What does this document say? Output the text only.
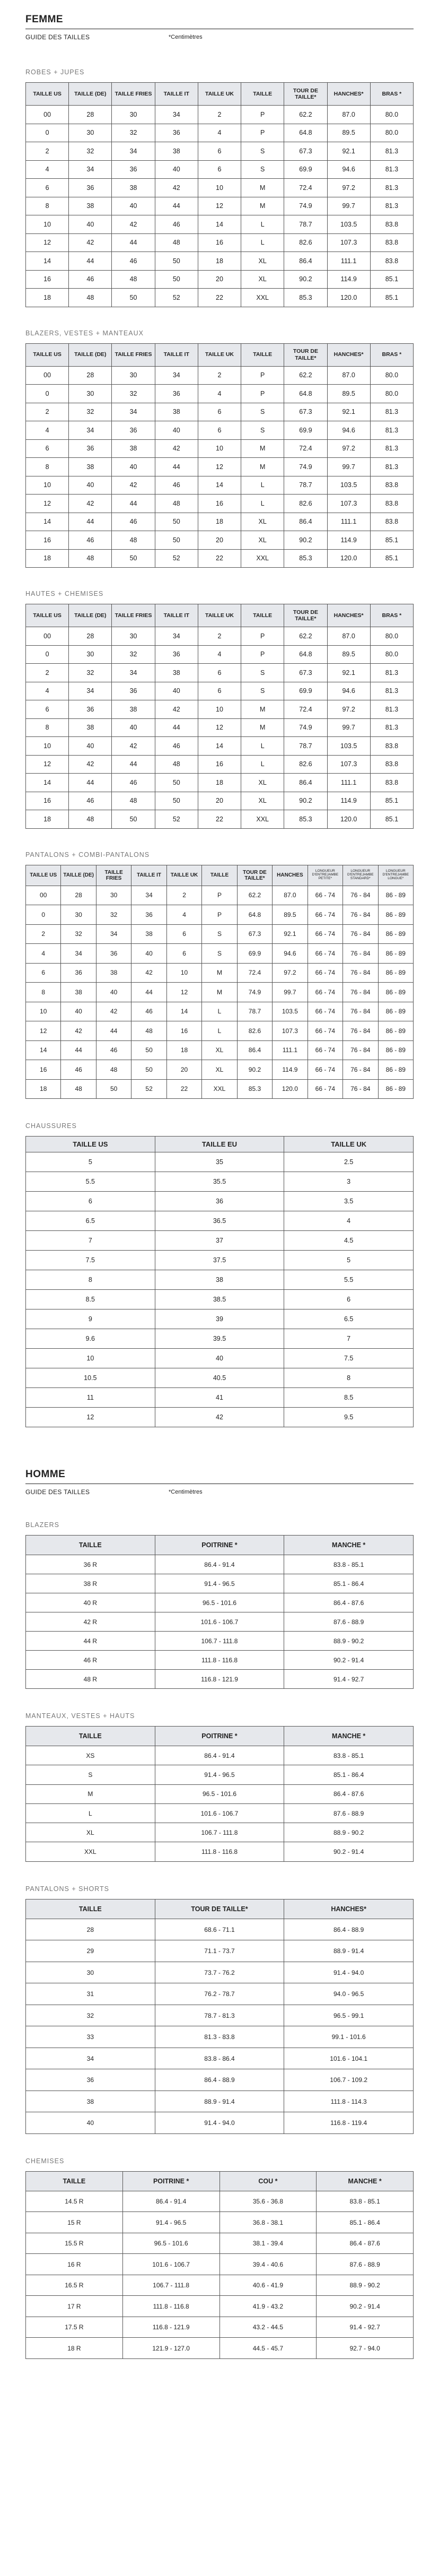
FEMME
GUIDE DES TAILLES	*Centimètres
ROBES + JUPES
TAILLE US	TAILLE (DE)	TAILLE FRIES	TAILLE IT	TAILLE UK	TAILLE	TOUR DE TAILLE*	HANCHES*	BRAS *
00	28	30	34	2	P	62.2	87.0	80.0
0	30	32	36	4	P	64.8	89.5	80.0
2	32	34	38	6	S	67.3	92.1	81.3
4	34	36	40	6	S	69.9	94.6	81.3
6	36	38	42	10	M	72.4	97.2	81.3
8	38	40	44	12	M	74.9	99.7	81.3
10	40	42	46	14	L	78.7	103.5	83.8
12	42	44	48	16	L	82.6	107.3	83.8
14	44	46	50	18	XL	86.4	111.1	83.8
16	46	48	50	20	XL	90.2	114.9	85.1
18	48	50	52	22	XXL	85.3	120.0	85.1
BLAZERS, VESTES + MANTEAUX
TAILLE US	TAILLE (DE)	TAILLE FRIES	TAILLE IT	TAILLE UK	TAILLE	TOUR DE TAILLE*	HANCHES*	BRAS *
00	28	30	34	2	P	62.2	87.0	80.0
0	30	32	36	4	P	64.8	89.5	80.0
2	32	34	38	6	S	67.3	92.1	81.3
4	34	36	40	6	S	69.9	94.6	81.3
6	36	38	42	10	M	72.4	97.2	81.3
8	38	40	44	12	M	74.9	99.7	81.3
10	40	42	46	14	L	78.7	103.5	83.8
12	42	44	48	16	L	82.6	107.3	83.8
14	44	46	50	18	XL	86.4	111.1	83.8
16	46	48	50	20	XL	90.2	114.9	85.1
18	48	50	52	22	XXL	85.3	120.0	85.1
HAUTES + CHEMISES
TAILLE US	TAILLE (DE)	TAILLE FRIES	TAILLE IT	TAILLE UK	TAILLE	TOUR DE TAILLE*	HANCHES*	BRAS *
00	28	30	34	2	P	62.2	87.0	80.0
0	30	32	36	4	P	64.8	89.5	80.0
2	32	34	38	6	S	67.3	92.1	81.3
4	34	36	40	6	S	69.9	94.6	81.3
6	36	38	42	10	M	72.4	97.2	81.3
8	38	40	44	12	M	74.9	99.7	81.3
10	40	42	46	14	L	78.7	103.5	83.8
12	42	44	48	16	L	82.6	107.3	83.8
14	44	46	50	18	XL	86.4	111.1	83.8
16	46	48	50	20	XL	90.2	114.9	85.1
18	48	50	52	22	XXL	85.3	120.0	85.1
PANTALONS + COMBI-PANTALONS
TAILLE US	TAILLE (DE)	TAILLE FRIES	TAILLE IT	TAILLE UK	TAILLE	TOUR DE TAILLE*	HANCHES	LONGUEUR D'ENTREJAMBE PETITE*	LONGUEUR D'ENTREJAMBE STANDARD*	LONGUEUR D'ENTREJAMBE LONGUE*
00	28	30	34	2	P	62.2	87.0	66 - 74	76 - 84	86 - 89
0	30	32	36	4	P	64.8	89.5	66 - 74	76 - 84	86 - 89
2	32	34	38	6	S	67.3	92.1	66 - 74	76 - 84	86 - 89
4	34	36	40	6	S	69.9	94.6	66 - 74	76 - 84	86 - 89
6	36	38	42	10	M	72.4	97.2	66 - 74	76 - 84	86 - 89
8	38	40	44	12	M	74.9	99.7	66 - 74	76 - 84	86 - 89
10	40	42	46	14	L	78.7	103.5	66 - 74	76 - 84	86 - 89
12	42	44	48	16	L	82.6	107.3	66 - 74	76 - 84	86 - 89
14	44	46	50	18	XL	86.4	111.1	66 - 74	76 - 84	86 - 89
16	46	48	50	20	XL	90.2	114.9	66 - 74	76 - 84	86 - 89
18	48	50	52	22	XXL	85.3	120.0	66 - 74	76 - 84	86 - 89
CHAUSSURES
TAILLE US	TAILLE EU	TAILLE UK
5	35	2.5
5.5	35.5	3
6	36	3.5
6.5	36.5	4
7	37	4.5
7.5	37.5	5
8	38	5.5
8.5	38.5	6
9	39	6.5
9.6	39.5	7
10	40	7.5
10.5	40.5	8
11	41	8.5
12	42	9.5
HOMME
GUIDE DES TAILLES	*Centimètres
BLAZERS
TAILLE	POITRINE *	MANCHE *
36 R	86.4 - 91.4	83.8 - 85.1
38 R	91.4 - 96.5	85.1 - 86.4
40 R	96.5 - 101.6	86.4 - 87.6
42 R	101.6 - 106.7	87.6 - 88.9
44 R	106.7 - 111.8	88.9 - 90.2
46 R	111.8 - 116.8	90.2 - 91.4
48 R	116.8 - 121.9	91.4 - 92.7
MANTEAUX, VESTES + HAUTS
TAILLE	POITRINE *	MANCHE *
XS	86.4 - 91.4	83.8 - 85.1
S	91.4 - 96.5	85.1 - 86.4
M	96.5 - 101.6	86.4 - 87.6
L	101.6 - 106.7	87.6 - 88.9
XL	106.7 - 111.8	88.9 - 90.2
XXL	111.8 - 116.8	90.2 - 91.4
PANTALONS + SHORTS
TAILLE	TOUR DE TAILLE*	HANCHES*
28	68.6 - 71.1	86.4 - 88.9
29	71.1 - 73.7	88.9 - 91.4
30	73.7 - 76.2	91.4 - 94.0
31	76.2 - 78.7	94.0 - 96.5
32	78.7 - 81.3	96.5 - 99.1
33	81.3 - 83.8	99.1 - 101.6
34	83.8 - 86.4	101.6 - 104.1
36	86.4 - 88.9	106.7 - 109.2
38	88.9 - 91.4	111.8 - 114.3
40	91.4 - 94.0	116.8 - 119.4
CHEMISES
TAILLE	POITRINE *	COU *	MANCHE *
14.5 R	86.4 - 91.4	35.6 - 36.8	83.8 - 85.1
15 R	91.4 - 96.5	36.8 - 38.1	85.1 - 86.4
15.5 R	96.5 - 101.6	38.1 - 39.4	86.4 - 87.6
16 R	101.6 - 106.7	39.4 - 40.6	87.6 - 88.9
16.5 R	106.7 - 111.8	40.6 - 41.9	88.9 - 90.2
17 R	111.8 - 116.8	41.9 - 43.2	90.2 - 91.4
17.5 R	116.8 - 121.9	43.2 - 44.5	91.4 - 92.7
18 R	121.9 - 127.0	44.5 - 45.7	92.7 - 94.0
